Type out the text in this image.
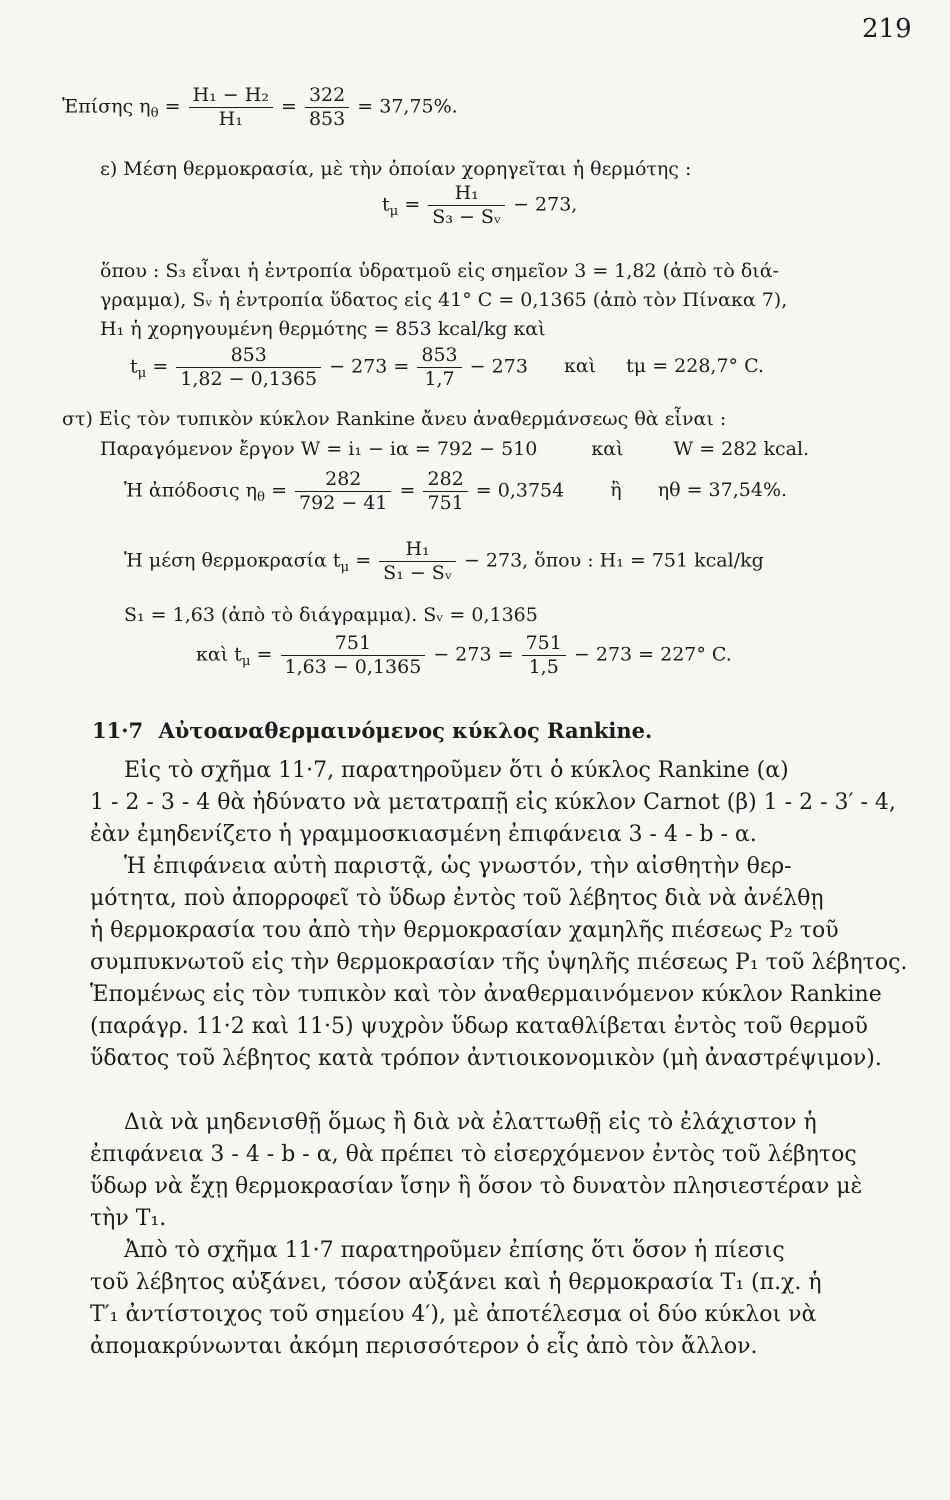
219
Ἐπίσης $\eta_\theta = \frac{\text{H₁ − H₂}}{\text{H₁}} = \frac{322}{853} = 37,75\%$.
ε) Μέση θερμοκρασία, μὲ τὴν ὁποίαν χορηγεῖται ἡ θερμότης :
$t_\mu = \frac{\text{H₁}}{\text{S₃ − Sᵥ}} - 273$,
ὅπου : S₃ εἶναι ἡ ἐντροπία ὑδρατμοῦ εἰς σημεῖον 3 = 1,82 (ἀπὸ τὸ διά-
γραμμα), Sᵥ ἡ ἐντροπία ὕδατος εἰς 41° C = 0,1365 (ἀπὸ τὸν Πίνακα 7),
H₁ ἡ χορηγουμένη θερμότης = 853 kcal/kg καὶ
$t_\mu = \frac{853}{1,82 - 0,1365} - 273 = \frac{853}{1,7} - 273$ καὶ tμ = 228,7° C.
στ) Εἰς τὸν τυπικὸν κύκλον Rankine ἄνευ ἀναθερμάνσεως θὰ εἶναι :
Παραγόμενον ἔργον W = i₁ − iα = 792 − 510	καὶ	W = 282 kcal.
Ἡ ἀπόδοσις $\eta_\theta = \frac{282}{792 - 41} = \frac{282}{751} = 0,3754$ ἢ ηθ = 37,54%.
Ἡ μέση θερμοκρασία $t_\mu = \frac{\text{H₁}}{\text{S₁ − Sᵥ}} - 273$, ὅπου : H₁ = 751 kcal/kg
S₁ = 1,63 (ἀπὸ τὸ διάγραμμα). Sᵥ = 0,1365
καὶ $t_\mu = \frac{751}{1,63 - 0,1365} - 273 = \frac{751}{1,5} - 273 = 227^\circ$ C.
11·7 Αὐτοαναθερμαινόμενος κύκλος Rankine.
Εἰς τὸ σχῆμα 11·7, παρατηροῦμεν ὅτι ὁ κύκλος Rankine (α)
1 - 2 - 3 - 4 θὰ ἠδύνατο νὰ μετατραπῇ εἰς κύκλον Carnot (β) 1 - 2 - 3′ - 4,
ἐὰν ἐμηδενίζετο ἡ γραμμοσκιασμένη ἐπιφάνεια 3 - 4 - b - α.
Ἡ ἐπιφάνεια αὐτὴ παριστᾷ, ὡς γνωστόν, τὴν αἰσθητὴν θερ-
μότητα, ποὺ ἀπορροφεῖ τὸ ὕδωρ ἐντὸς τοῦ λέβητος διὰ νὰ ἀνέλθῃ
ἡ θερμοκρασία του ἀπὸ τὴν θερμοκρασίαν χαμηλῆς πιέσεως P₂ τοῦ
συμπυκνωτοῦ εἰς τὴν θερμοκρασίαν τῆς ὑψηλῆς πιέσεως P₁ τοῦ λέβητος.
Ἑπομένως εἰς τὸν τυπικὸν καὶ τὸν ἀναθερμαινόμενον κύκλον Rankine
(παράγρ. 11·2 καὶ 11·5) ψυχρὸν ὕδωρ καταθλίβεται ἐντὸς τοῦ θερμοῦ
ὕδατος τοῦ λέβητος κατὰ τρόπον ἀντιοικονομικὸν (μὴ ἀναστρέψιμον).
Διὰ νὰ μηδενισθῇ ὅμως ἢ διὰ νὰ ἐλαττωθῇ εἰς τὸ ἐλάχιστον ἡ
ἐπιφάνεια 3 - 4 - b - α, θὰ πρέπει τὸ εἰσερχόμενον ἐντὸς τοῦ λέβητος
ὕδωρ νὰ ἔχῃ θερμοκρασίαν ἴσην ἢ ὅσον τὸ δυνατὸν πλησιεστέραν μὲ
τὴν T₁.
Ἀπὸ τὸ σχῆμα 11·7 παρατηροῦμεν ἐπίσης ὅτι ὅσον ἡ πίεσις
τοῦ λέβητος αὐξάνει, τόσον αὐξάνει καὶ ἡ θερμοκρασία T₁ (π.χ. ἡ
T′₁ ἀντίστοιχος τοῦ σημείου 4′), μὲ ἀποτέλεσμα οἱ δύο κύκλοι νὰ
ἀπομακρύνωνται ἀκόμη περισσότερον ὁ εἷς ἀπὸ τὸν ἄλλον.
